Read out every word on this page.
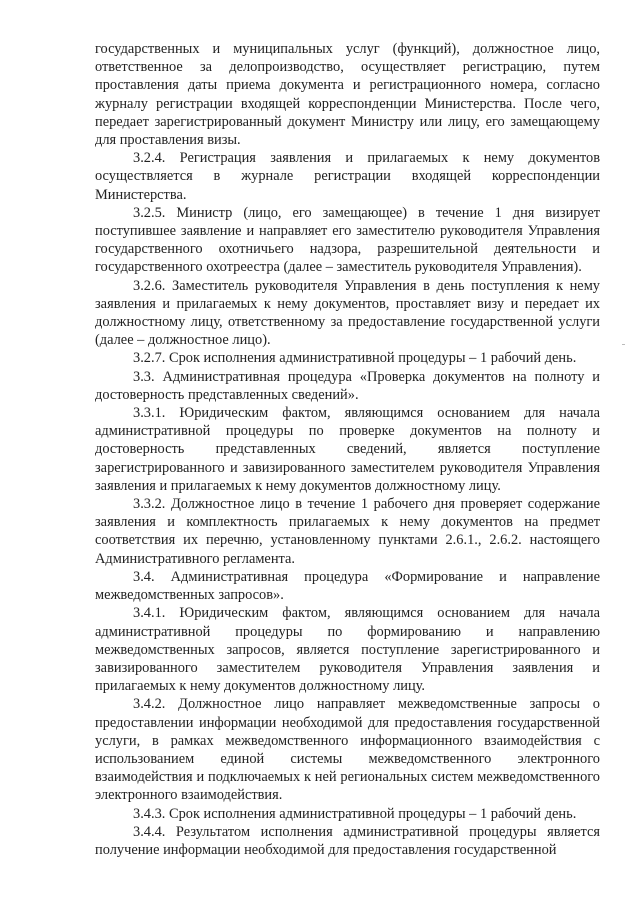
государственных и муниципальных услуг (функций), должностное лицо, ответственное за делопроизводство, осуществляет регистрацию, путем проставления даты приема документа и регистрационного номера, согласно журналу регистрации входящей корреспонденции Министерства. После чего, передает зарегистрированный документ Министру или лицу, его замещающему для проставления визы.

3.2.4. Регистрация заявления и прилагаемых к нему документов осуществляется в журнале регистрации входящей корреспонденции Министерства.

3.2.5. Министр (лицо, его замещающее) в течение 1 дня визирует поступившее заявление и направляет его заместителю руководителя Управления государственного охотничьего надзора, разрешительной деятельности и государственного охотреестра (далее – заместитель руководителя Управления).

3.2.6. Заместитель руководителя Управления в день поступления к нему заявления и прилагаемых к нему документов, проставляет визу и передает их должностному лицу, ответственному за предоставление государственной услуги (далее – должностное лицо).

3.2.7. Срок исполнения административной процедуры – 1 рабочий день.

3.3. Административная процедура «Проверка документов на полноту и достоверность представленных сведений».

3.3.1. Юридическим фактом, являющимся основанием для начала административной процедуры по проверке документов на полноту и достоверность представленных сведений, является поступление зарегистрированного и завизированного заместителем руководителя Управления заявления и прилагаемых к нему документов должностному лицу.

3.3.2. Должностное лицо в течение 1 рабочего дня проверяет содержание заявления и комплектность прилагаемых к нему документов на предмет соответствия их перечню, установленному пунктами 2.6.1., 2.6.2. настоящего Административного регламента.

3.4. Административная процедура «Формирование и направление межведомственных запросов».

3.4.1. Юридическим фактом, являющимся основанием для начала административной процедуры по формированию и направлению межведомственных запросов, является поступление зарегистрированного и завизированного заместителем руководителя Управления заявления и прилагаемых к нему документов должностному лицу.

3.4.2. Должностное лицо направляет межведомственные запросы о предоставлении информации необходимой для предоставления государственной услуги, в рамках межведомственного информационного взаимодействия с использованием единой системы межведомственного электронного взаимодействия и подключаемых к ней региональных систем межведомственного электронного взаимодействия.

3.4.3. Срок исполнения административной процедуры – 1 рабочий день.

3.4.4. Результатом исполнения административной процедуры является получение информации необходимой для предоставления государственной
